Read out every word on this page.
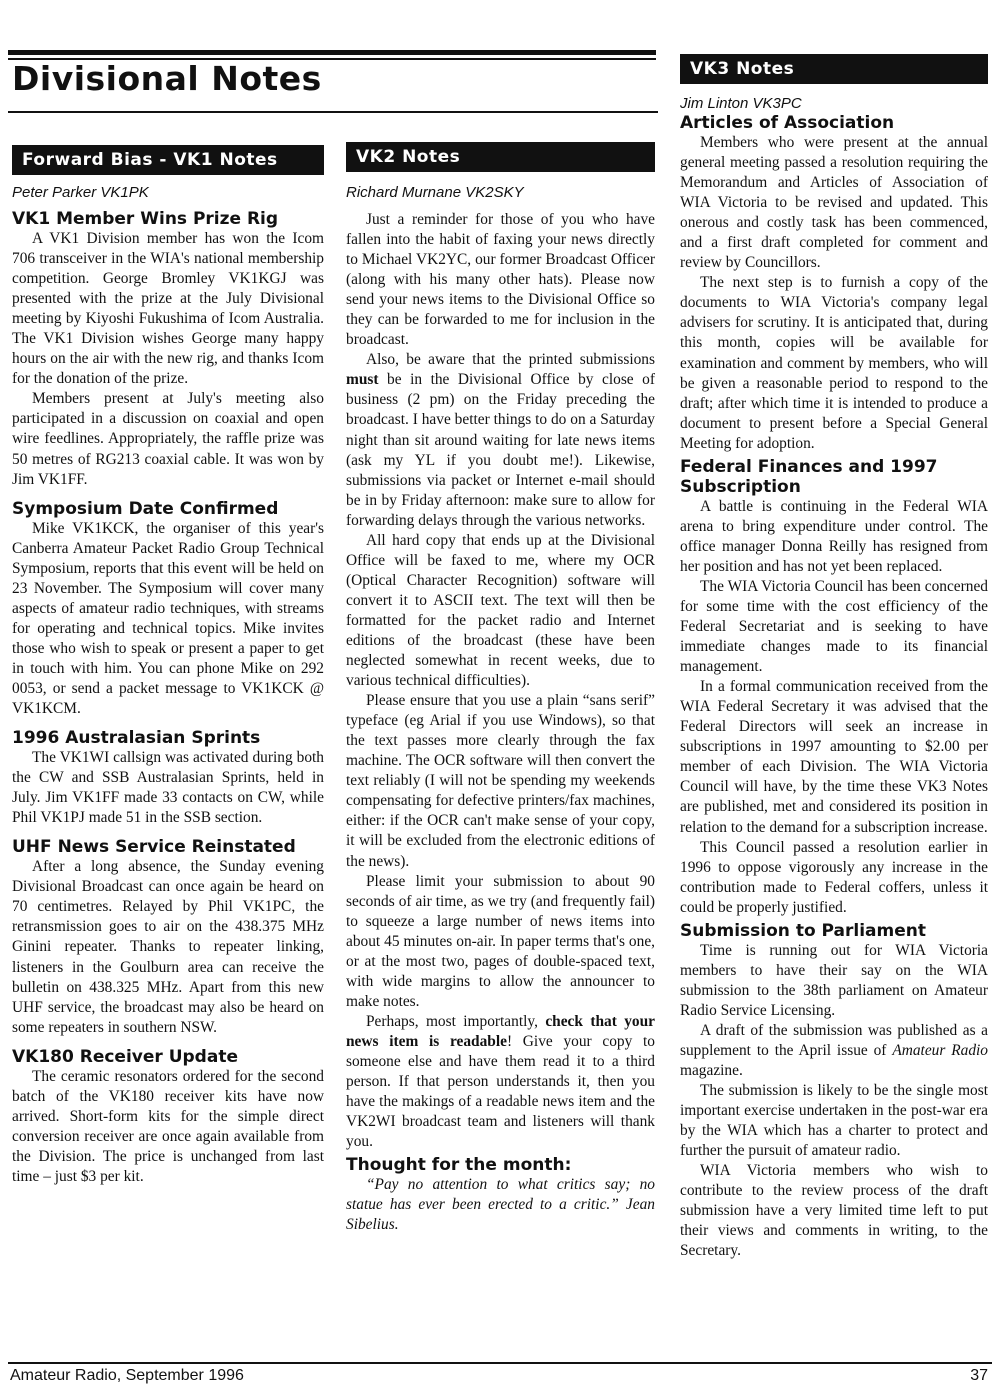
Divisional Notes
Forward Bias - VK1 Notes

Peter Parker VK1PK

VK1 Member Wins Prize Rig

A VK1 Division member has won the Icom 706 transceiver in the WIA's national membership competition. George Bromley VK1KGJ was presented with the prize at the July Divisional meeting by Kiyoshi Fukushima of Icom Australia. The VK1 Division wishes George many happy hours on the air with the new rig, and thanks Icom for the donation of the prize.

Members present at July's meeting also participated in a discussion on coaxial and open wire feedlines. Appropriately, the raffle prize was 50 metres of RG213 coaxial cable. It was won by Jim VK1FF.

Symposium Date Confirmed

Mike VK1KCK, the organiser of this year's Canberra Amateur Packet Radio Group Technical Symposium, reports that this event will be held on 23 November. The Symposium will cover many aspects of amateur radio techniques, with streams for operating and technical topics. Mike invites those who wish to speak or present a paper to get in touch with him. You can phone Mike on 292 0053, or send a packet message to VK1KCK @ VK1KCM.

1996 Australasian Sprints

The VK1WI callsign was activated during both the CW and SSB Australasian Sprints, held in July. Jim VK1FF made 33 contacts on CW, while Phil VK1PJ made 51 in the SSB section.

UHF News Service Reinstated

After a long absence, the Sunday evening Divisional Broadcast can once again be heard on 70 centimetres. Relayed by Phil VK1PC, the retransmission goes to air on the 438.375 MHz Ginini repeater. Thanks to repeater linking, listeners in the Goulburn area can receive the bulletin on 438.325 MHz. Apart from this new UHF service, the broadcast may also be heard on some repeaters in southern NSW.

VK180 Receiver Update

The ceramic resonators ordered for the second batch of the VK180 receiver kits have now arrived. Short-form kits for the simple direct conversion receiver are once again available from the Division. The price is unchanged from last time – just $3 per kit.

VK2 Notes

Richard Murnane VK2SKY

Just a reminder for those of you who have fallen into the habit of faxing your news directly to Michael VK2YC, our former Broadcast Officer (along with his many other hats). Please now send your news items to the Divisional Office so they can be forwarded to me for inclusion in the broadcast.

Also, be aware that the printed submissions must be in the Divisional Office by close of business (2 pm) on the Friday preceding the broadcast. I have better things to do on a Saturday night than sit around waiting for late news items (ask my YL if you doubt me!). Likewise, submissions via packet or Internet e-mail should be in by Friday afternoon: make sure to allow for forwarding delays through the various networks.

All hard copy that ends up at the Divisional Office will be faxed to me, where my OCR (Optical Character Recognition) software will convert it to ASCII text. The text will then be formatted for the packet radio and Internet editions of the broadcast (these have been neglected somewhat in recent weeks, due to various technical difficulties).

Please ensure that you use a plain “sans serif” typeface (eg Arial if you use Windows), so that the text passes more clearly through the fax machine. The OCR software will then convert the text reliably (I will not be spending my weekends compensating for defective printers/fax machines, either: if the OCR can't make sense of your copy, it will be excluded from the electronic editions of the news).

Please limit your submission to about 90 seconds of air time, as we try (and frequently fail) to squeeze a large number of news items into about 45 minutes on-air. In paper terms that's one, or at the most two, pages of double-spaced text, with wide margins to allow the announcer to make notes.

Perhaps, most importantly, check that your news item is readable! Give your copy to someone else and have them read it to a third person. If that person understands it, then you have the makings of a readable news item and the VK2WI broadcast team and listeners will thank you.

Thought for the month:

“Pay no attention to what critics say; no statue has ever been erected to a critic.” Jean Sibelius.

VK3 Notes

Jim Linton VK3PC

Articles of Association

Members who were present at the annual general meeting passed a resolution requiring the Memorandum and Articles of Association of WIA Victoria to be revised and updated. This onerous and costly task has been commenced, and a first draft completed for comment and review by Councillors.

The next step is to furnish a copy of the documents to WIA Victoria's company legal advisers for scrutiny. It is anticipated that, during this month, copies will be available for examination and comment by members, who will be given a reasonable period to respond to the draft; after which time it is intended to produce a document to present before a Special General Meeting for adoption.

Federal Finances and 1997 Subscription

A battle is continuing in the Federal WIA arena to bring expenditure under control. The office manager Donna Reilly has resigned from her position and has not yet been replaced.

The WIA Victoria Council has been concerned for some time with the cost efficiency of the Federal Secretariat and is seeking to have immediate changes made to its financial management.

In a formal communication received from the WIA Federal Secretary it was advised that the Federal Directors will seek an increase in subscriptions in 1997 amounting to $2.00 per member of each Division. The WIA Victoria Council will have, by the time these VK3 Notes are published, met and considered its position in relation to the demand for a subscription increase.

This Council passed a resolution earlier in 1996 to oppose vigorously any increase in the contribution made to Federal coffers, unless it could be properly justified.

Submission to Parliament

Time is running out for WIA Victoria members to have their say on the WIA submission to the 38th parliament on Amateur Radio Service Licensing.

A draft of the submission was published as a supplement to the April issue of Amateur Radio magazine.

The submission is likely to be the single most important exercise undertaken in the post-war era by the WIA which has a charter to protect and further the pursuit of amateur radio.

WIA Victoria members who wish to contribute to the review process of the draft submission have a very limited time left to put their views and comments in writing, to the Secretary.

Amateur Radio, September 1996	37
